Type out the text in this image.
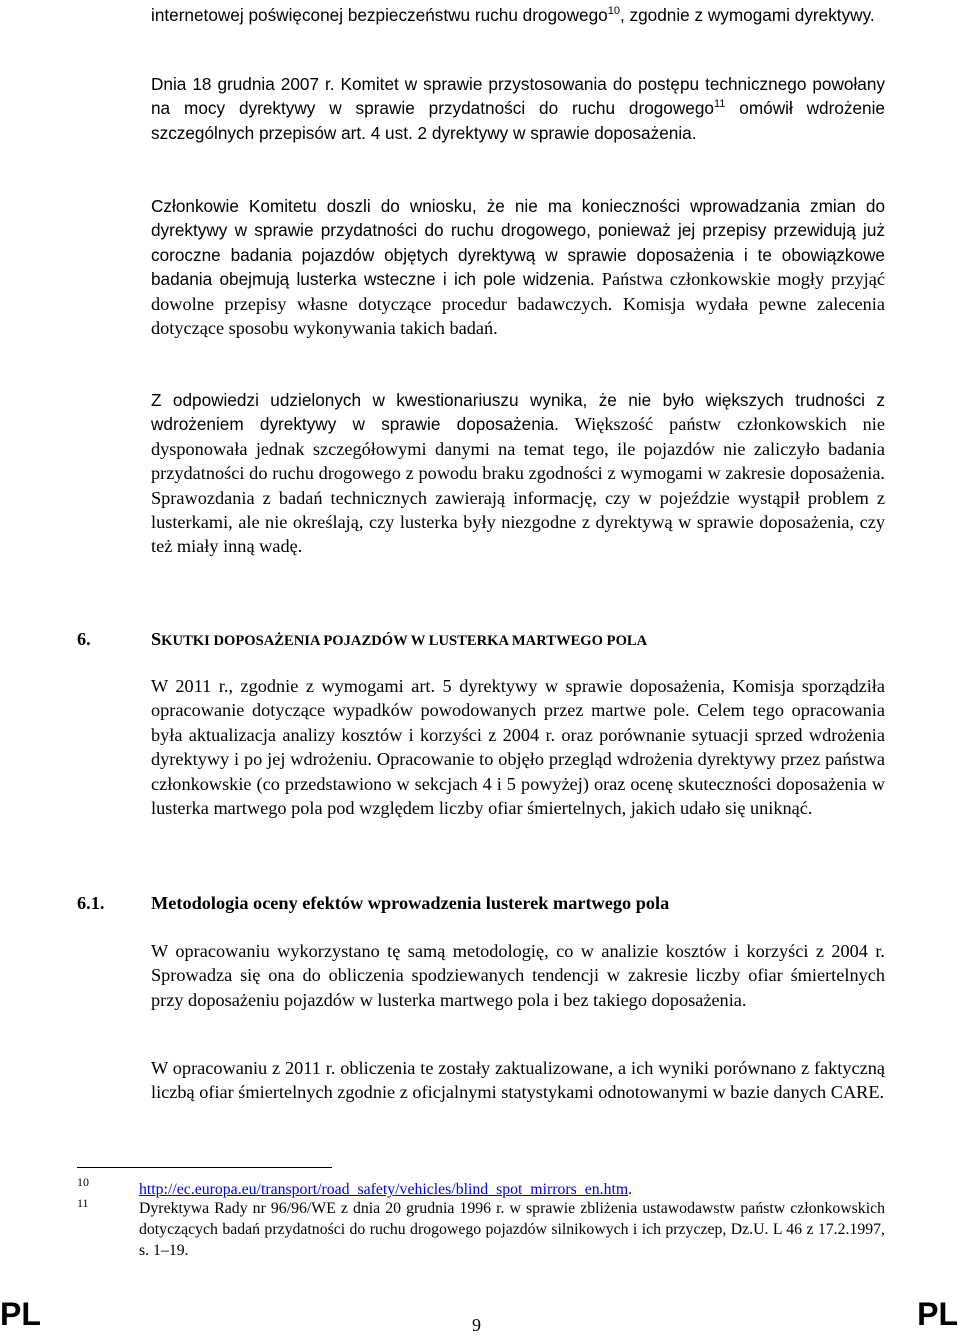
internetowej poświęconej bezpieczeństwu ruchu drogowego$^{10}$, zgodnie z wymogami dyrektywy.

Dnia 18 grudnia 2007 r. Komitet w sprawie przystosowania do postępu technicznego powołany na mocy dyrektywy w sprawie przydatności do ruchu drogowego$^{11}$ omówił wdrożenie szczególnych przepisów art. 4 ust. 2 dyrektywy w sprawie doposażenia.

Członkowie Komitetu doszli do wniosku, że nie ma konieczności wprowadzania zmian do dyrektywy w sprawie przydatności do ruchu drogowego, ponieważ jej przepisy przewidują już coroczne badania pojazdów objętych dyrektywą w sprawie doposażenia i te obowiązkowe badania obejmują lusterka wsteczne i ich pole widzenia. Państwa członkowskie mogły przyjąć dowolne przepisy własne dotyczące procedur badawczych. Komisja wydała pewne zalecenia dotyczące sposobu wykonywania takich badań.

Z odpowiedzi udzielonych w kwestionariuszu wynika, że nie było większych trudności z wdrożeniem dyrektywy w sprawie doposażenia. Większość państw członkowskich nie dysponowała jednak szczegółowymi danymi na temat tego, ile pojazdów nie zaliczyło badania przydatności do ruchu drogowego z powodu braku zgodności z wymogami w zakresie doposażenia. Sprawozdania z badań technicznych zawierają informację, czy w pojeździe wystąpił problem z lusterkami, ale nie określają, czy lusterka były niezgodne z dyrektywą w sprawie doposażenia, czy też miały inną wadę.

6.	SKUTKI DOPOSAŻENIA POJAZDÓW W LUSTERKA MARTWEGO POLA

W 2011 r., zgodnie z wymogami art. 5 dyrektywy w sprawie doposażenia, Komisja sporządziła opracowanie dotyczące wypadków powodowanych przez martwe pole. Celem tego opracowania była aktualizacja analizy kosztów i korzyści z 2004 r. oraz porównanie sytuacji sprzed wdrożenia dyrektywy i po jej wdrożeniu. Opracowanie to objęło przegląd wdrożenia dyrektywy przez państwa członkowskie (co przedstawiono w sekcjach 4 i 5 powyżej) oraz ocenę skuteczności doposażenia w lusterka martwego pola pod względem liczby ofiar śmiertelnych, jakich udało się uniknąć.

6.1.	Metodologia oceny efektów wprowadzenia lusterek martwego pola

W opracowaniu wykorzystano tę samą metodologię, co w analizie kosztów i korzyści z 2004 r. Sprowadza się ona do obliczenia spodziewanych tendencji w zakresie liczby ofiar śmiertelnych przy doposażeniu pojazdów w lusterka martwego pola i bez takiego doposażenia.

W opracowaniu z 2011 r. obliczenia te zostały zaktualizowane, a ich wyniki porównano z faktyczną liczbą ofiar śmiertelnych zgodnie z oficjalnymi statystykami odnotowanymi w bazie danych CARE.

10	http://ec.europa.eu/transport/road_safety/vehicles/blind_spot_mirrors_en.htm.

11	Dyrektywa Rady nr 96/96/WE z dnia 20 grudnia 1996 r. w sprawie zbliżenia ustawodawstw państw członkowskich dotyczących badań przydatności do ruchu drogowego pojazdów silnikowych i ich przyczep, Dz.U. L 46 z 17.2.1997, s. 1–19.

PL	9	PL
